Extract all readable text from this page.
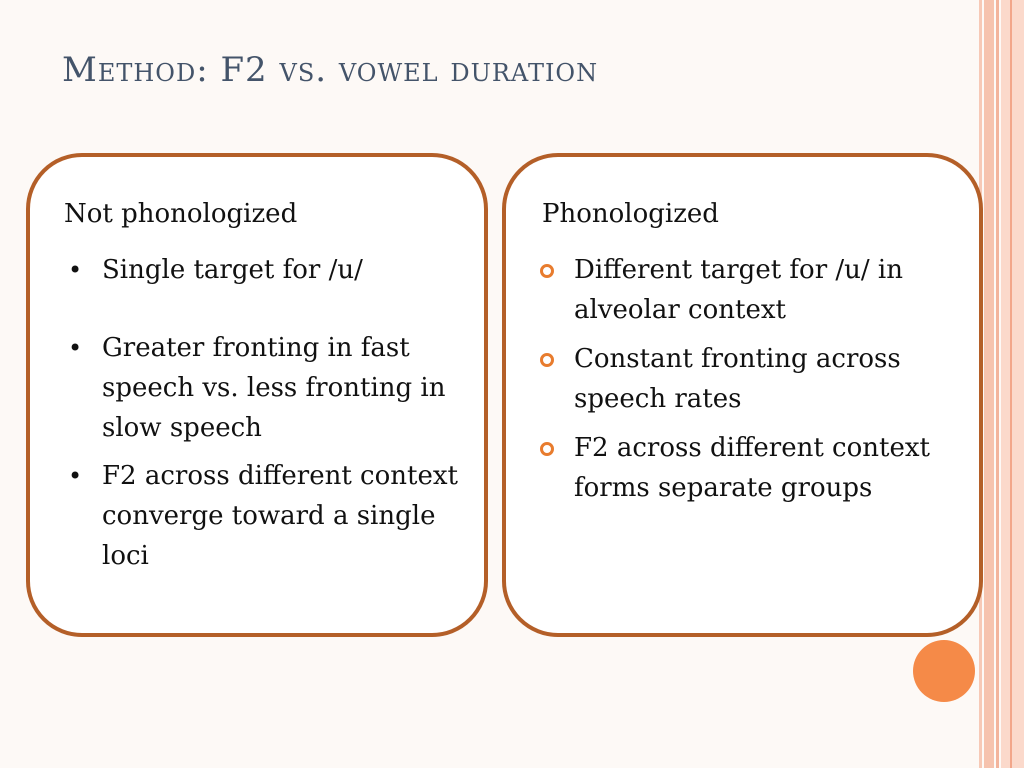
Method: F2 vs. vowel duration
Not phonologized
• Single target for /u/
• Greater fronting in fast speech vs. less fronting in slow speech
• F2 across different context converge toward a single loci
Phonologized
Different target for /u/ in alveolar context
Constant fronting across speech rates
F2 across different context forms separate groups
